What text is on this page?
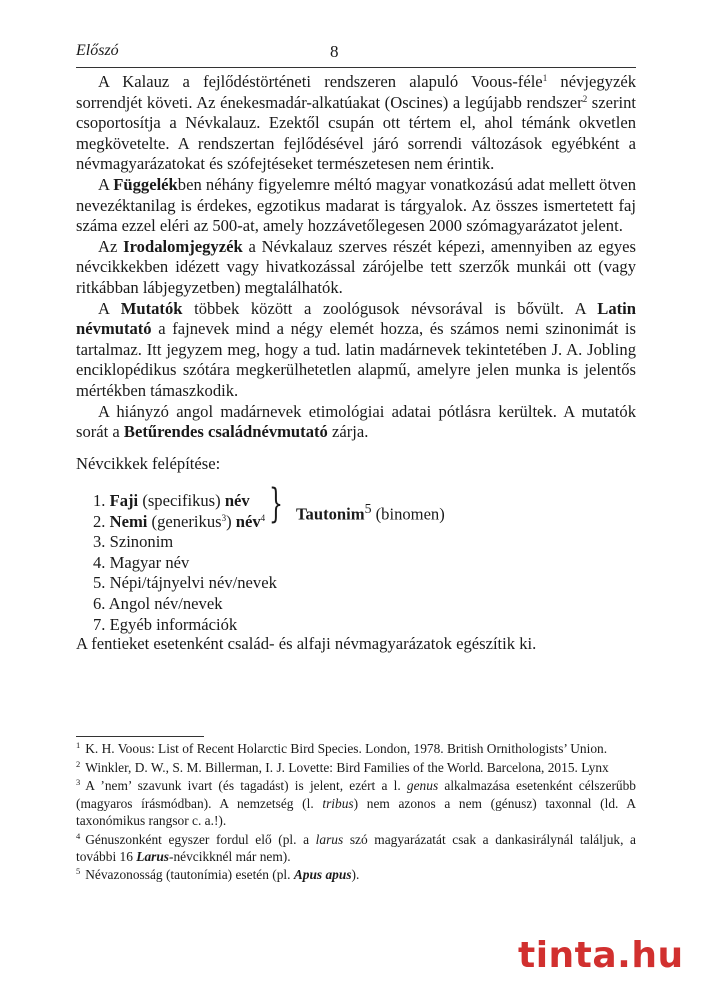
Előszó	8

A Kalauz a fejlődéstörténeti rendszeren alapuló Voous-féle$^1$ névjegyzék sorrendjét követi. Az énekesmadár-alkatúakat (Oscines) a legújabb rendszer$^2$ szerint csoportosítja a Névkalauz. Ezektől csupán ott tértem el, ahol témánk okvetlen megkövetelte. A rendszertan fejlődésével járó sorrendi változások egyébként a névmagyarázatokat és szófejtéseket természetesen nem érintik.

A Függelékben néhány figyelemre méltó magyar vonatkozású adat mellett ötven nevezéktanilag is érdekes, egzotikus madarat is tárgyalok. Az összes ismertetett faj száma ezzel eléri az 500-at, amely hozzávetőlegesen 2000 szómagyarázatot jelent.

Az Irodalomjegyzék a Névkalauz szerves részét képezi, amennyiben az egyes névcikkekben idézett vagy hivatkozással zárójelbe tett szerzők munkái ott (vagy ritkábban lábjegyzetben) megtalálhatók.

A Mutatók többek között a zoológusok névsorával is bővült. A Latin névmutató a fajnevek mind a négy elemét hozza, és számos nemi szinonimát is tartalmaz. Itt jegyzem meg, hogy a tud. latin madárnevek tekintetében J. A. Jobling enciklopédikus szótára megkerülhetetlen alapmű, amelyre jelen munka is jelentős mértékben támaszkodik.

A hiányzó angol madárnevek etimológiai adatai pótlásra kerültek. A mutatók sorát a Betűrendes családnévmutató zárja.

Névcikkek felépítése:
1. Faji (specifikus) név
2. Nemi (generikus$^3$) név$^4$
3. Szinonim
4. Magyar név
5. Népi/tájnyelvi név/nevek
6. Angol név/nevek
7. Egyéb információk
} Tautonim$^5$ (binomen)
A fentieket esetenként család- és alfaji névmagyarázatok egészítik ki.
$^1$ K. H. Voous: List of Recent Holarctic Bird Species. London, 1978. British Ornithologists’ Union.
$^2$ Winkler, D. W., S. M. Billerman, I. J. Lovette: Bird Families of the World. Barcelona, 2015. Lynx
$^3$ A ’nem’ szavunk ivart (és tagadást) is jelent, ezért a l. genus alkalmazása esetenként célszerűbb (magyaros írásmódban). A nemzetség (l. tribus) nem azonos a nem (génusz) taxonnal (ld. A taxonómikus rangsor c. a.!).
$^4$ Génuszonként egyszer fordul elő (pl. a larus szó magyarázatát csak a dankasirálynál találjuk, a további 16 Larus-névcikknél már nem).
$^5$ Névazonosság (tautonímia) esetén (pl. Apus apus).
tinta.hu
